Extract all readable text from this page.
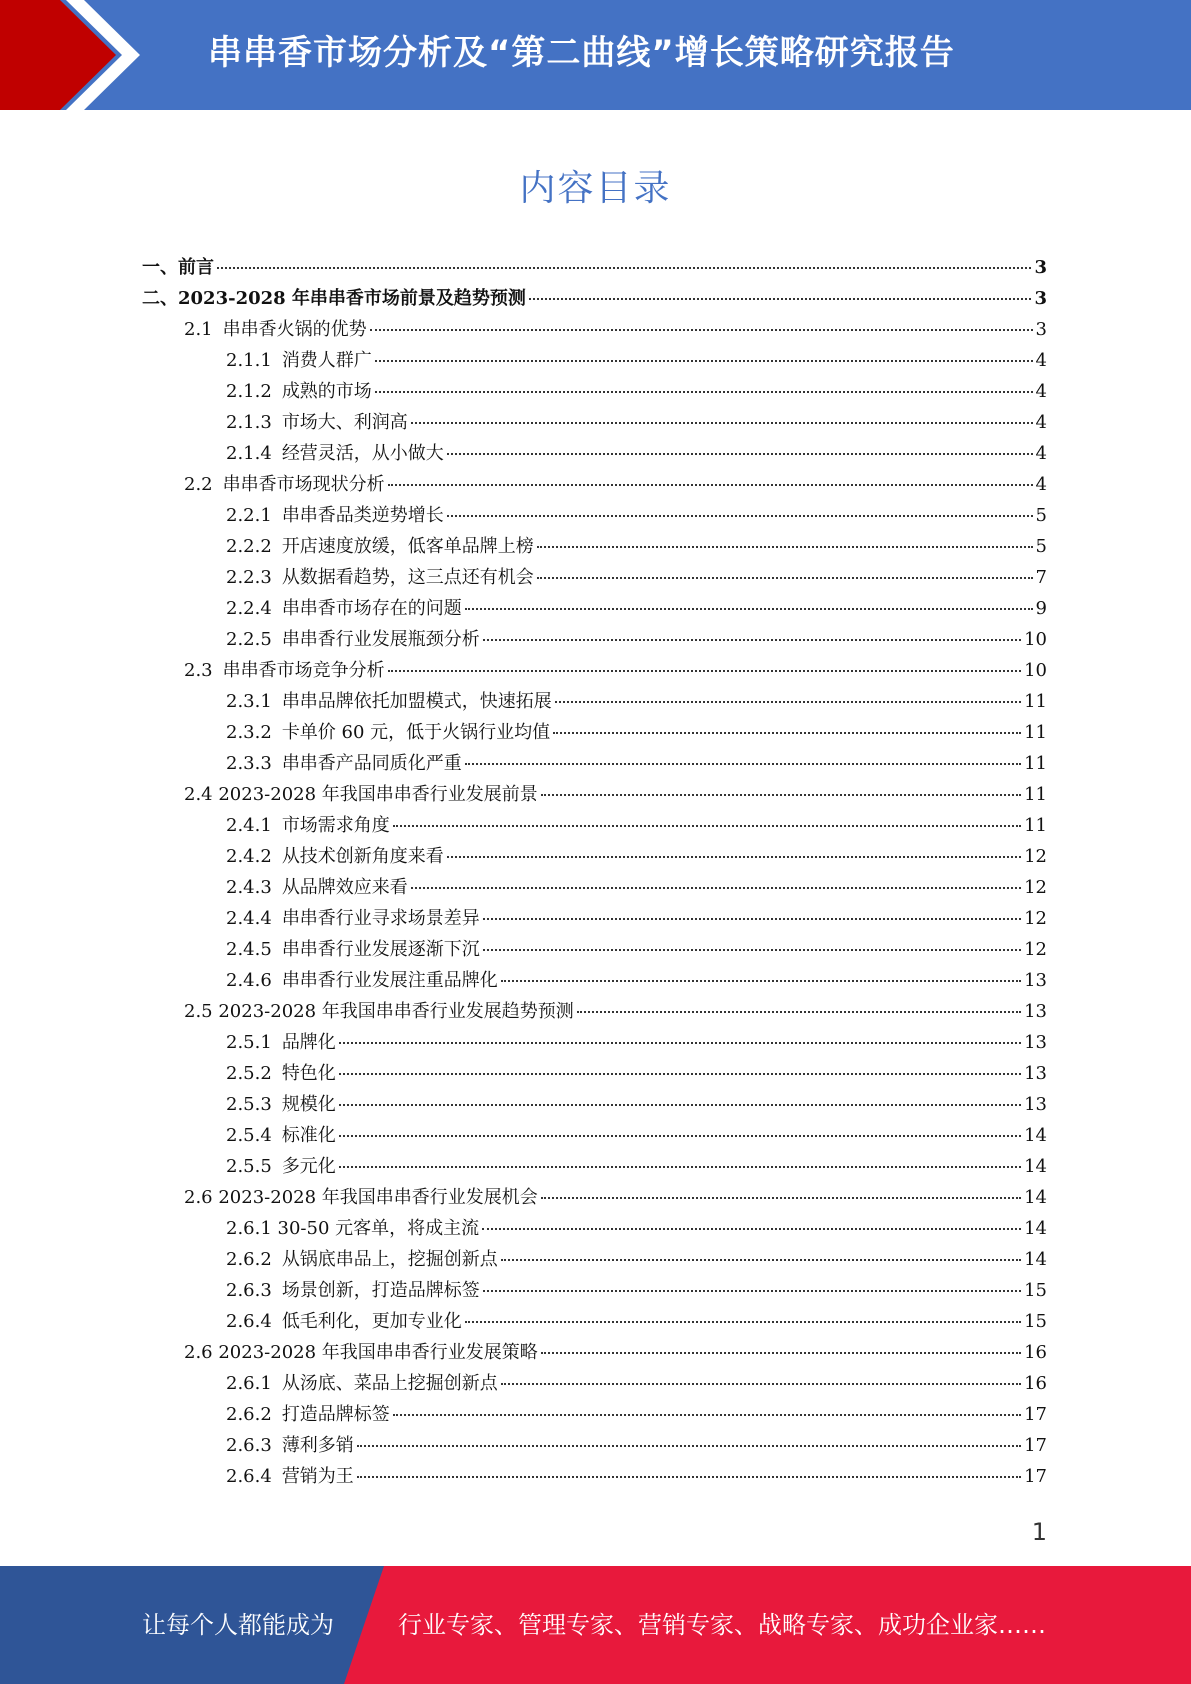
串串香市场分析及“第二曲线”增长策略研究报告
内容目录
一、前言	3
二、2023-2028 年串串香市场前景及趋势预测	3
2.1 串串香火锅的优势	3
2.1.1 消费人群广	4
2.1.2 成熟的市场	4
2.1.3 市场大、利润高	4
2.1.4 经营灵活，从小做大	4
2.2 串串香市场现状分析	4
2.2.1 串串香品类逆势增长	5
2.2.2 开店速度放缓，低客单品牌上榜	5
2.2.3 从数据看趋势，这三点还有机会	7
2.2.4 串串香市场存在的问题	9
2.2.5 串串香行业发展瓶颈分析	10
2.3 串串香市场竞争分析	10
2.3.1 串串品牌依托加盟模式，快速拓展	11
2.3.2 卡单价 60 元，低于火锅行业均值	11
2.3.3 串串香产品同质化严重	11
2.4 2023-2028 年我国串串香行业发展前景	11
2.4.1 市场需求角度	11
2.4.2 从技术创新角度来看	12
2.4.3 从品牌效应来看	12
2.4.4 串串香行业寻求场景差异	12
2.4.5 串串香行业发展逐渐下沉	12
2.4.6 串串香行业发展注重品牌化	13
2.5 2023-2028 年我国串串香行业发展趋势预测	13
2.5.1 品牌化	13
2.5.2 特色化	13
2.5.3 规模化	13
2.5.4 标准化	14
2.5.5 多元化	14
2.6 2023-2028 年我国串串香行业发展机会	14
2.6.1 30-50 元客单，将成主流	14
2.6.2 从锅底串品上，挖掘创新点	14
2.6.3 场景创新，打造品牌标签	15
2.6.4 低毛利化，更加专业化	15
2.6 2023-2028 年我国串串香行业发展策略	16
2.6.1 从汤底、菜品上挖掘创新点	16
2.6.2 打造品牌标签	17
2.6.3 薄利多销	17
2.6.4 营销为王	17
1
让每个人都能成为	行业专家、管理专家、营销专家、战略专家、成功企业家……
